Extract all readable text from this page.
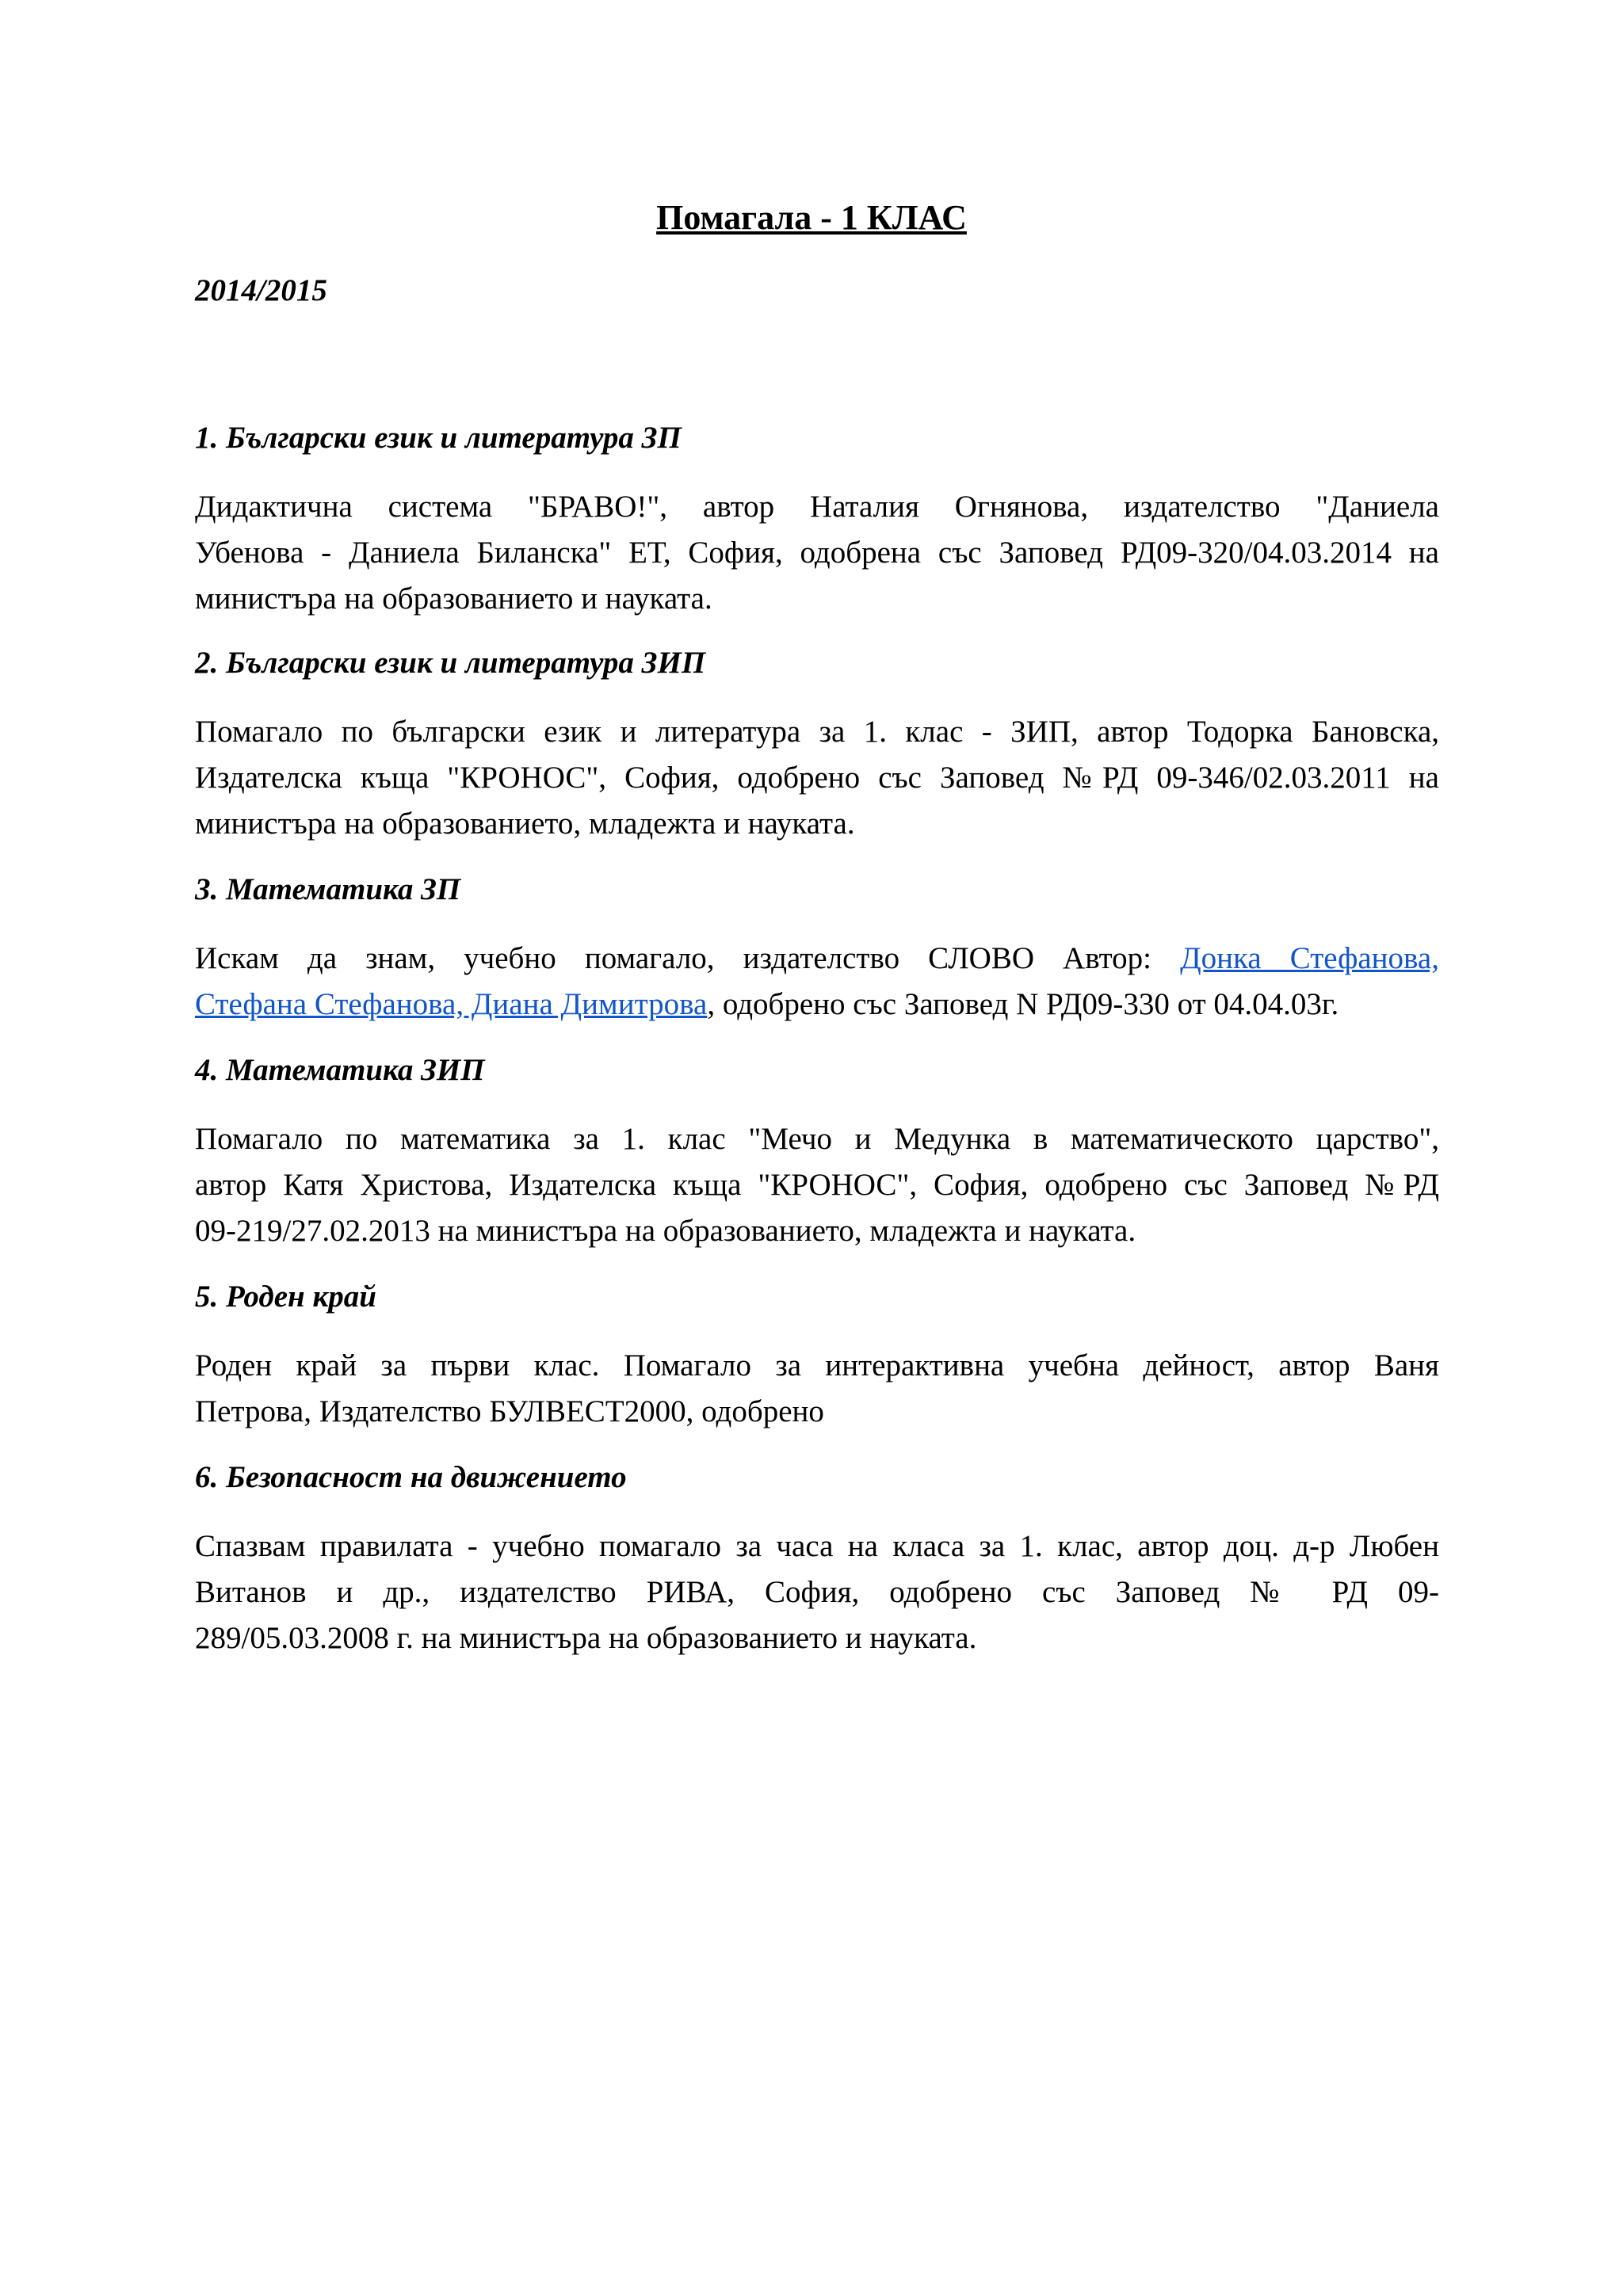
Помагала - 1 КЛАС
2014/2015
1. Български език и литература ЗП
Дидактична система "БРАВО!", автор Наталия Огнянова, издателство "Даниела
Убенова - Даниела Биланска" ЕТ, София, одобрена със Заповед РД09-320/04.03.2014 на
министъра на образованието и науката.
2. Български език и литература ЗИП
Помагало по български език и литература за 1. клас - ЗИП, автор Тодорка Бановска,
Издателска къща "КРОНОС", София, одобрено със Заповед №РД 09-346/02.03.2011 на
министъра на образованието, младежта и науката.
3. Математика ЗП
Искам да знам, учебно помагало, издателство СЛОВО Автор: Донка Стефанова,
Стефана Стефанова, Диана Димитрова, одобрено със Заповед N РД09-330 от 04.04.03г.
4. Математика ЗИП
Помагало по математика за 1. клас "Мечо и Медунка в математическото царство",
автор Катя Христова, Издателска къща "КРОНОС", София, одобрено със Заповед №РД
09-219/27.02.2013 на министъра на образованието, младежта и науката.
5. Роден край
Роден край за първи клас. Помагало за интерактивна учебна дейност, автор Ваня
Петрова, Издателство БУЛВЕСТ2000, одобрено
6. Безопасност на движението
Спазвам правилата - учебно помагало за часа на класа за 1. клас, автор доц. д-р Любен
Витанов и др., издателство РИВА, София, одобрено със Заповед № РД 09-
289/05.03.2008 г. на министъра на образованието и науката.
